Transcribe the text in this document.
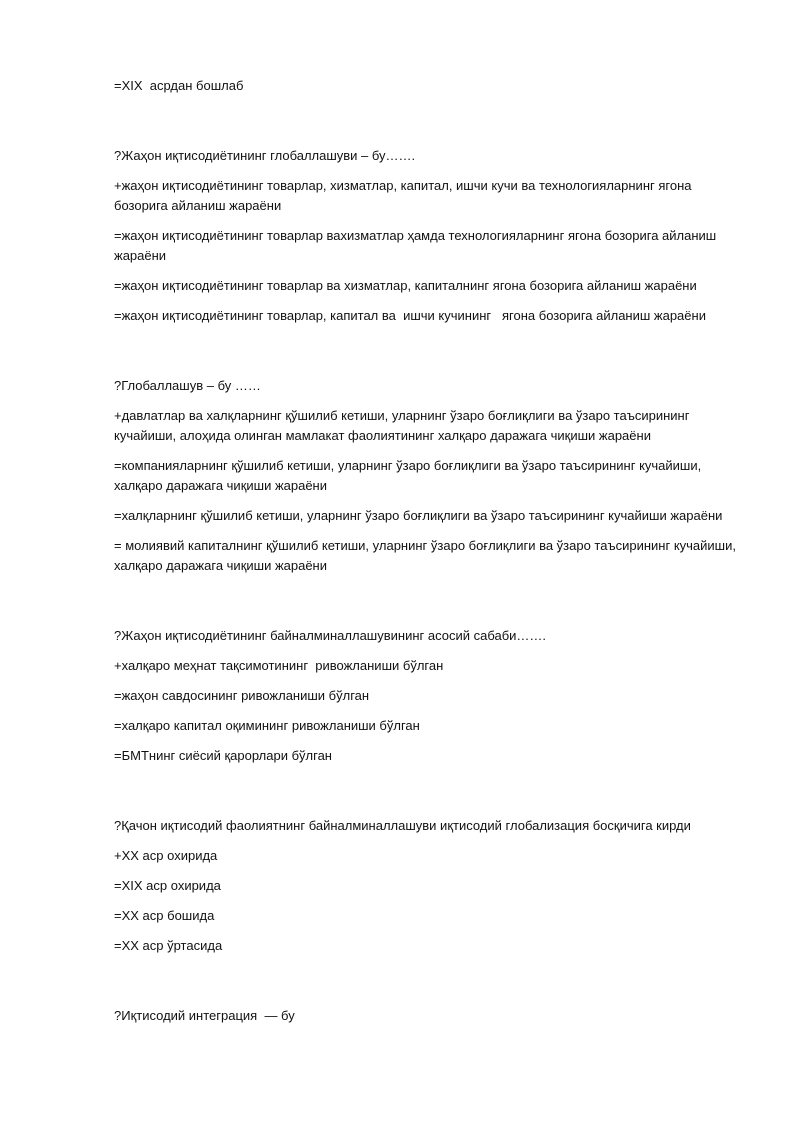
=XIX  асрдан бошлаб

?Жаҳон иқтисодиётининг глобаллашуви – бу…….

+жаҳон иқтисодиётининг товарлар, хизматлар, капитал, ишчи кучи ва технологияларнинг ягона бозорига айланиш жараёни

=жаҳон иқтисодиётининг товарлар вахизматлар ҳамда технологияларнинг ягона бозорига айланиш жараёни

=жаҳон иқтисодиётининг товарлар ва хизматлар, капиталнинг ягона бозорига айланиш жараёни

=жаҳон иқтисодиётининг товарлар, капитал ва  ишчи кучининг   ягона бозорига айланиш жараёни

?Глобаллашув – бу ……

+давлатлар ва халқларнинг қўшилиб кетиши, уларнинг ўзаро боғлиқлиги ва ўзаро таъсирининг кучайиши, алоҳида олинган мамлакат фаолиятининг халқаро даражага чиқиши жараёни

=компанияларнинг қўшилиб кетиши, уларнинг ўзаро боғлиқлиги ва ўзаро таъсирининг кучайиши, халқаро даражага чиқиши жараёни

=халқларнинг қўшилиб кетиши, уларнинг ўзаро боғлиқлиги ва ўзаро таъсирининг кучайиши жараёни

= молиявий капиталнинг қўшилиб кетиши, уларнинг ўзаро боғлиқлиги ва ўзаро таъсирининг кучайиши,  халқаро даражага чиқиши жараёни

?Жаҳон иқтисодиётининг байналминаллашувининг асосий сабаби…….

+халқаро меҳнат тақсимотининг  ривожланиши бўлган

=жаҳон савдосининг ривожланиши бўлган

=халқаро капитал оқимининг ривожланиши бўлган

=БМТнинг сиёсий қарорлари бўлган

?Қачон иқтисодий фаолиятнинг байналминаллашуви иқтисодий глобализация босқичига кирди

+ХХ аср охирида

=XIX аср охирида

=ХХ аср бошида

=ХХ аср ўртасида

?Иқтисодий интеграция  — бу
